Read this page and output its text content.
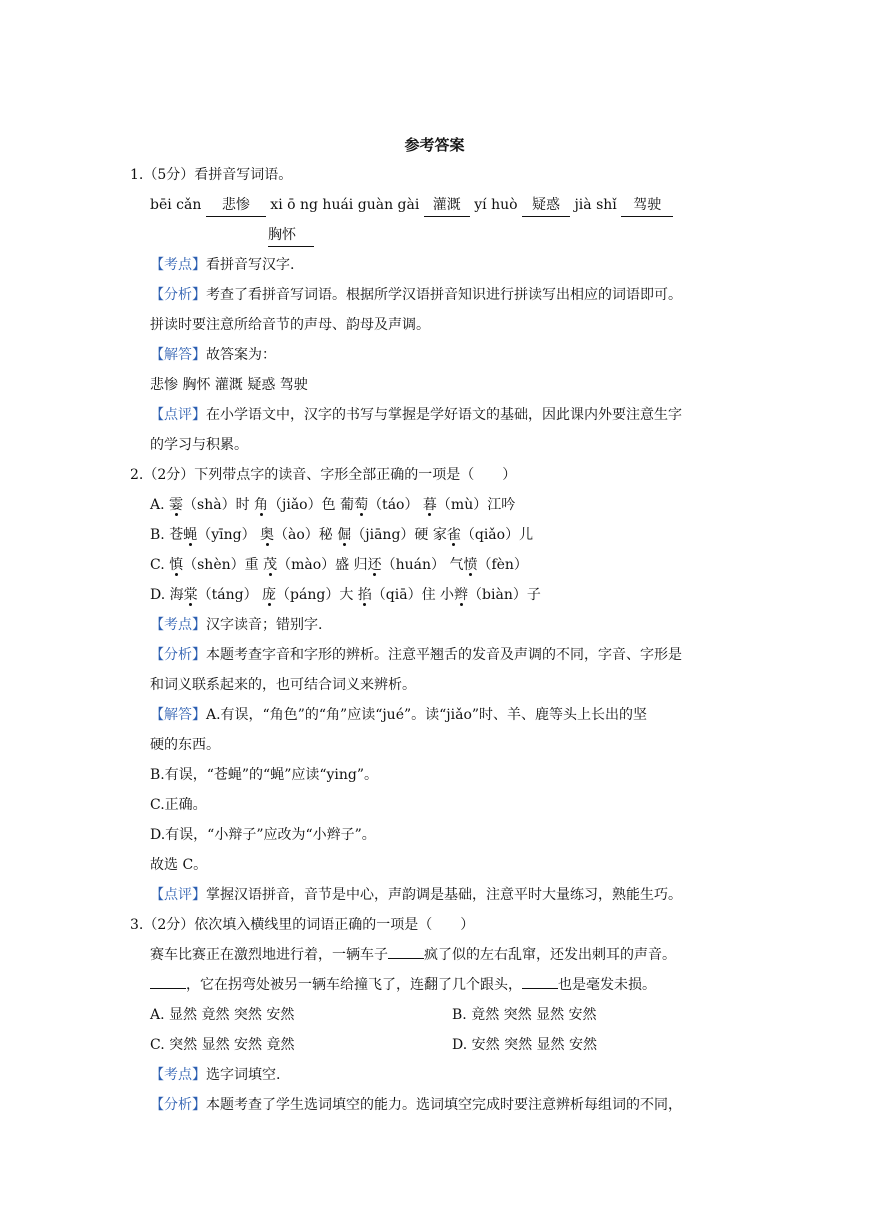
参考答案
1.（5分）看拼音写词语。
bēi cǎn 悲惨 xi ō ng huái guàn gài 灌溉 yí huò 疑惑 jià shǐ 驾驶
胸怀
【考点】看拼音写汉字.
【分析】考查了看拼音写词语。根据所学汉语拼音知识进行拼读写出相应的词语即可。
拼读时要注意所给音节的声母、韵母及声调。
【解答】故答案为：
悲惨 胸怀 灌溉 疑惑 驾驶
【点评】在小学语文中，汉字的书写与掌握是学好语文的基础，因此课内外要注意生字
的学习与积累。
2.（2分）下列带点字的读音、字形全部正确的一项是（　　）
A. 霎（shà）时 角（jiǎo）色 葡萄（táo） 暮（mù）江吟
B. 苍蝇（yīng） 奥（ào）秘 倔（jiāng）硬 家雀（qiǎo）儿
C. 慎（shèn）重 茂（mào）盛 归还（huán） 气愤（fèn）
D. 海棠（táng） 庞（páng）大 掐（qiā）住 小辫（biàn）子
【考点】汉字读音；错别字.
【分析】本题考查字音和字形的辨析。注意平翘舌的发音及声调的不同，字音、字形是
和词义联系起来的，也可结合词义来辨析。
【解答】A.有误，“角色”的“角”应读“jué”。读“jiǎo”时、羊、鹿等头上长出的坚
硬的东西。
B.有误，“苍蝇”的“蝇”应读“ying”。
C.正确。
D.有误，“小辩子”应改为“小辫子”。
故选 C。
【点评】掌握汉语拼音，音节是中心，声韵调是基础，注意平时大量练习，熟能生巧。
3.（2分）依次填入横线里的词语正确的一项是（　　）
赛车比赛正在激烈地进行着，一辆车子	疯了似的左右乱窜，还发出刺耳的声音。
，它在拐弯处被另一辆车给撞飞了，连翻了几个跟头，	也是毫发未损。
A. 显然 竟然 突然 安然	B. 竟然 突然 显然 安然
C. 突然 显然 安然 竟然	D. 安然 突然 显然 安然
【考点】选字词填空.
【分析】本题考查了学生选词填空的能力。选词填空完成时要注意辨析每组词的不同，
